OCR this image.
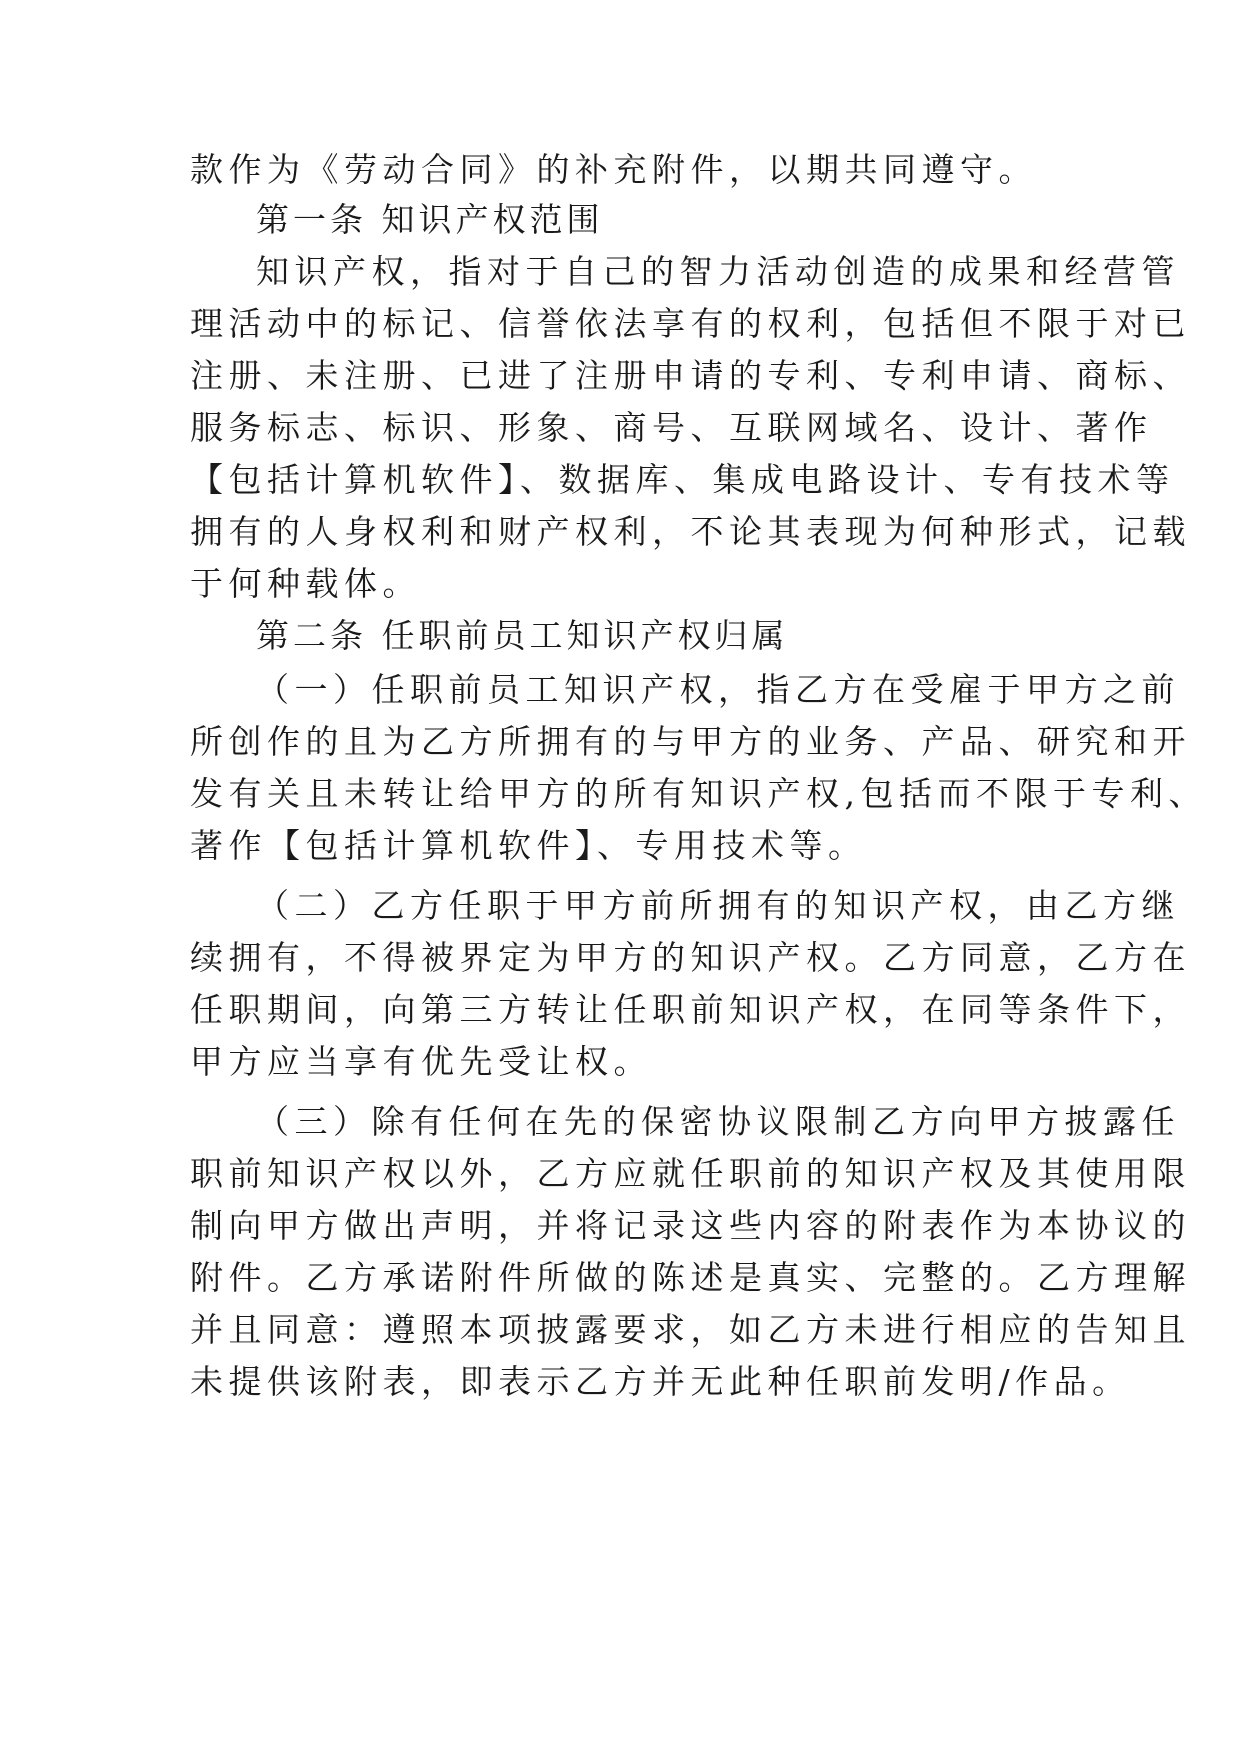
款作为《劳动合同》的补充附件，以期共同遵守。
第一条 知识产权范围
知识产权，指对于自己的智力活动创造的成果和经营管
理活动中的标记、信誉依法享有的权利，包括但不限于对已
注册、未注册、已进了注册申请的专利、专利申请、商标、
服务标志、标识、形象、商号、互联网域名、设计、著作
【包括计算机软件】、数据库、集成电路设计、专有技术等
拥有的人身权利和财产权利，不论其表现为何种形式，记载
于何种载体。
第二条 任职前员工知识产权归属
（一）任职前员工知识产权，指乙方在受雇于甲方之前
所创作的且为乙方所拥有的与甲方的业务、产品、研究和开
发有关且未转让给甲方的所有知识产权,包括而不限于专利、
著作【包括计算机软件】、专用技术等。
（二）乙方任职于甲方前所拥有的知识产权，由乙方继
续拥有，不得被界定为甲方的知识产权。乙方同意，乙方在
任职期间，向第三方转让任职前知识产权，在同等条件下，
甲方应当享有优先受让权。
（三）除有任何在先的保密协议限制乙方向甲方披露任
职前知识产权以外，乙方应就任职前的知识产权及其使用限
制向甲方做出声明，并将记录这些内容的附表作为本协议的
附件。乙方承诺附件所做的陈述是真实、完整的。乙方理解
并且同意：遵照本项披露要求，如乙方未进行相应的告知且
未提供该附表，即表示乙方并无此种任职前发明/作品。
